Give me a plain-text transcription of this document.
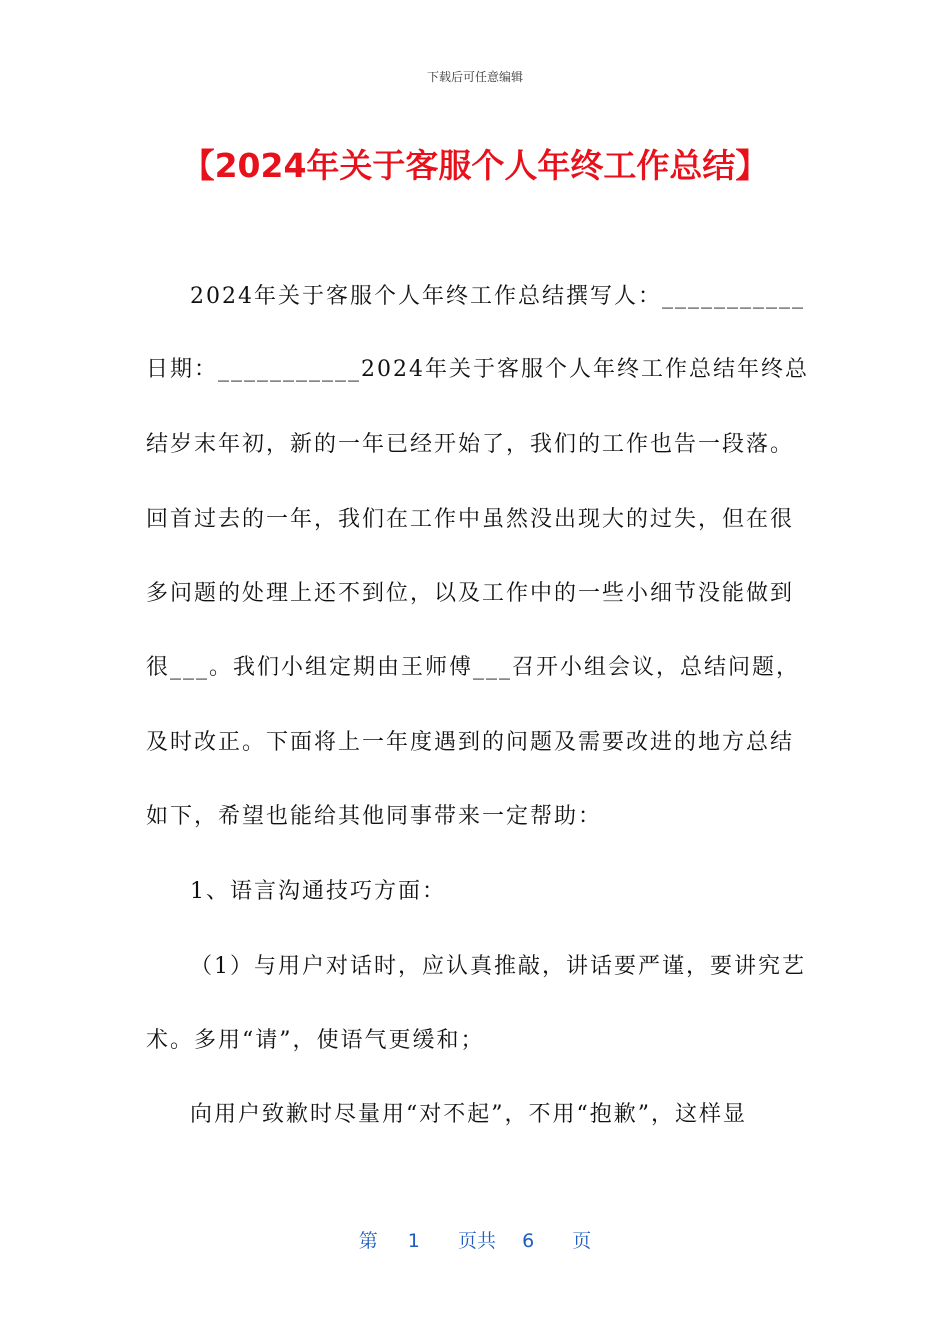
下载后可任意编辑
【2024年关于客服个人年终工作总结】
2024年关于客服个人年终工作总结撰写人：___________
日期：___________2024年关于客服个人年终工作总结年终总
结岁末年初，新的一年已经开始了，我们的工作也告一段落。
回首过去的一年，我们在工作中虽然没出现大的过失，但在很
多问题的处理上还不到位，以及工作中的一些小细节没能做到
很___。我们小组定期由王师傅___召开小组会议，总结问题，
及时改正。下面将上一年度遇到的问题及需要改进的地方总结
如下，希望也能给其他同事带来一定帮助：
1、语言沟通技巧方面：
（1）与用户对话时，应认真推敲，讲话要严谨，要讲究艺
术。多用“请”，使语气更缓和；
向用户致歉时尽量用“对不起”，不用“抱歉”，这样显
第 1 页共 6 页
